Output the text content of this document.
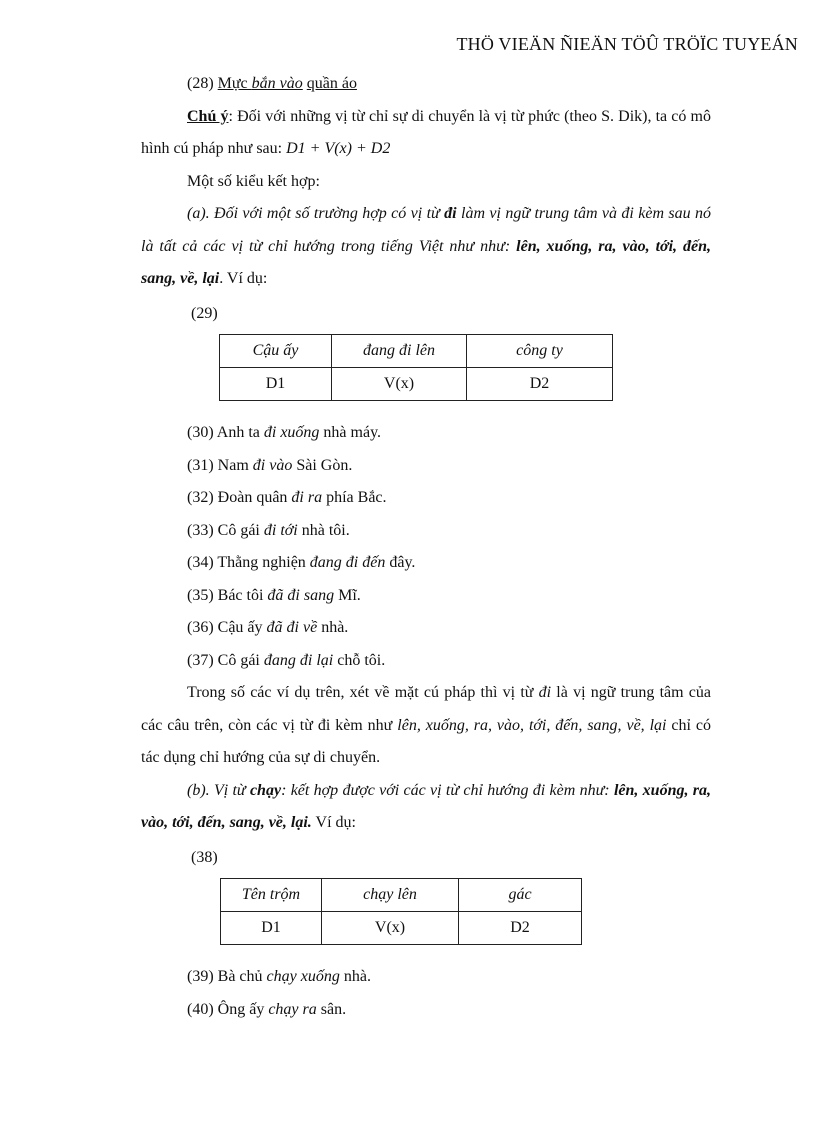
THÖ VIEÄN ÑIEÄN TÖÛ TRÖÏC TUYEÁN

(28) Mực bắn vào quần áo

Chú ý: Đối với những vị từ chỉ sự di chuyển là vị từ phức (theo S. Dik), ta có mô hình cú pháp như sau: D1 + V(x) + D2

Một số kiểu kết hợp:

(a). Đối với một số trường hợp có vị từ đi làm vị ngữ trung tâm và đi kèm sau nó là tất cả các vị từ chỉ hướng trong tiếng Việt như như: lên, xuống, ra, vào, tới, đến, sang, về, lại. Ví dụ:

(29)

Cậu ấy	đang đi lên	công ty
D1	V(x)	D2

(30) Anh ta đi xuống nhà máy.

(31) Nam đi vào Sài Gòn.

(32) Đoàn quân đi ra phía Bắc.

(33) Cô gái đi tới nhà tôi.

(34) Thằng nghiện đang đi đến đây.

(35) Bác tôi đã đi sang Mĩ.

(36) Cậu ấy đã đi về nhà.

(37) Cô gái đang đi lại chỗ tôi.

Trong số các ví dụ trên, xét về mặt cú pháp thì vị từ đi là vị ngữ trung tâm của các câu trên, còn các vị từ đi kèm như lên, xuống, ra, vào, tới, đến, sang, về, lại chỉ có tác dụng chỉ hướng của sự di chuyển.

(b). Vị từ chạy: kết hợp được với các vị từ chỉ hướng đi kèm như: lên, xuống, ra, vào, tới, đến, sang, về, lại. Ví dụ:

(38)

Tên trộm	chạy lên	gác
D1	V(x)	D2

(39) Bà chủ chạy xuống nhà.

(40) Ông ấy chạy ra sân.
